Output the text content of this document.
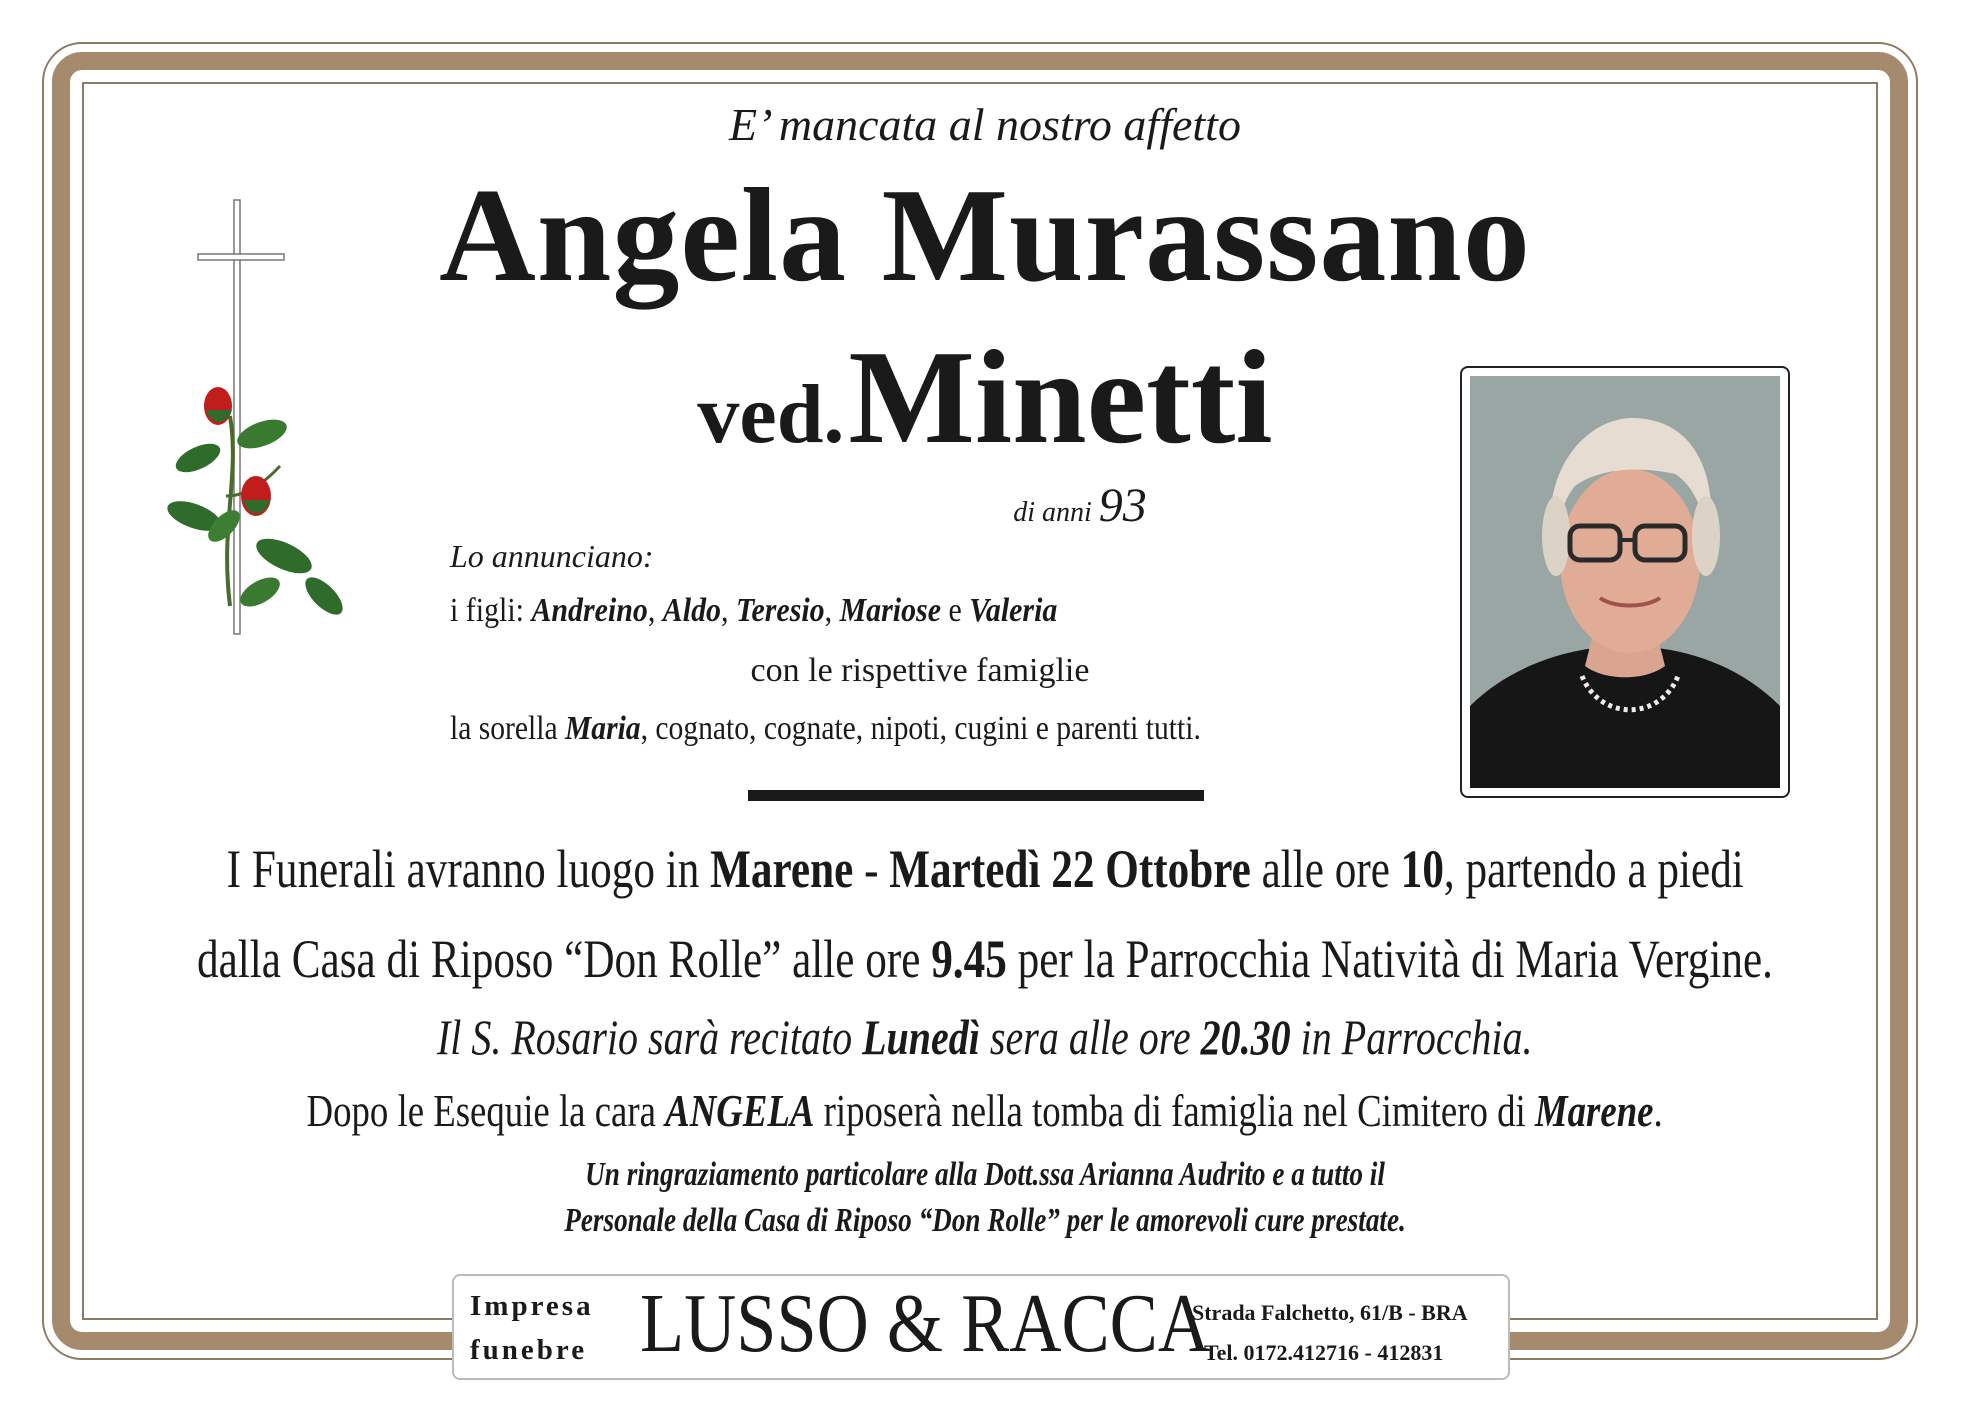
E’ mancata al nostro affetto
Angela Murassano
ved. Minetti
di anni 93
Lo annunciano:
i figli: Andreino, Aldo, Teresio, Mariose e Valeria
con le rispettive famiglie
la sorella Maria, cognato, cognate, nipoti, cugini e parenti tutti.
I Funerali avranno luogo in Marene - Martedì 22 Ottobre alle ore 10, partendo a piedi
dalla Casa di Riposo “Don Rolle” alle ore 9.45 per la Parrocchia Natività di Maria Vergine.
Il S. Rosario sarà recitato Lunedì sera alle ore 20.30 in Parrocchia.
Dopo le Esequie la cara ANGELA riposerà nella tomba di famiglia nel Cimitero di Marene.
Un ringraziamento particolare alla Dott.ssa Arianna Audrito e a tutto il
Personale della Casa di Riposo “Don Rolle” per le amorevoli cure prestate.
Impresa
funebre LUSSO & RACCA
Strada Falchetto, 61/B - BRA
Tel. 0172.412716 - 412831
